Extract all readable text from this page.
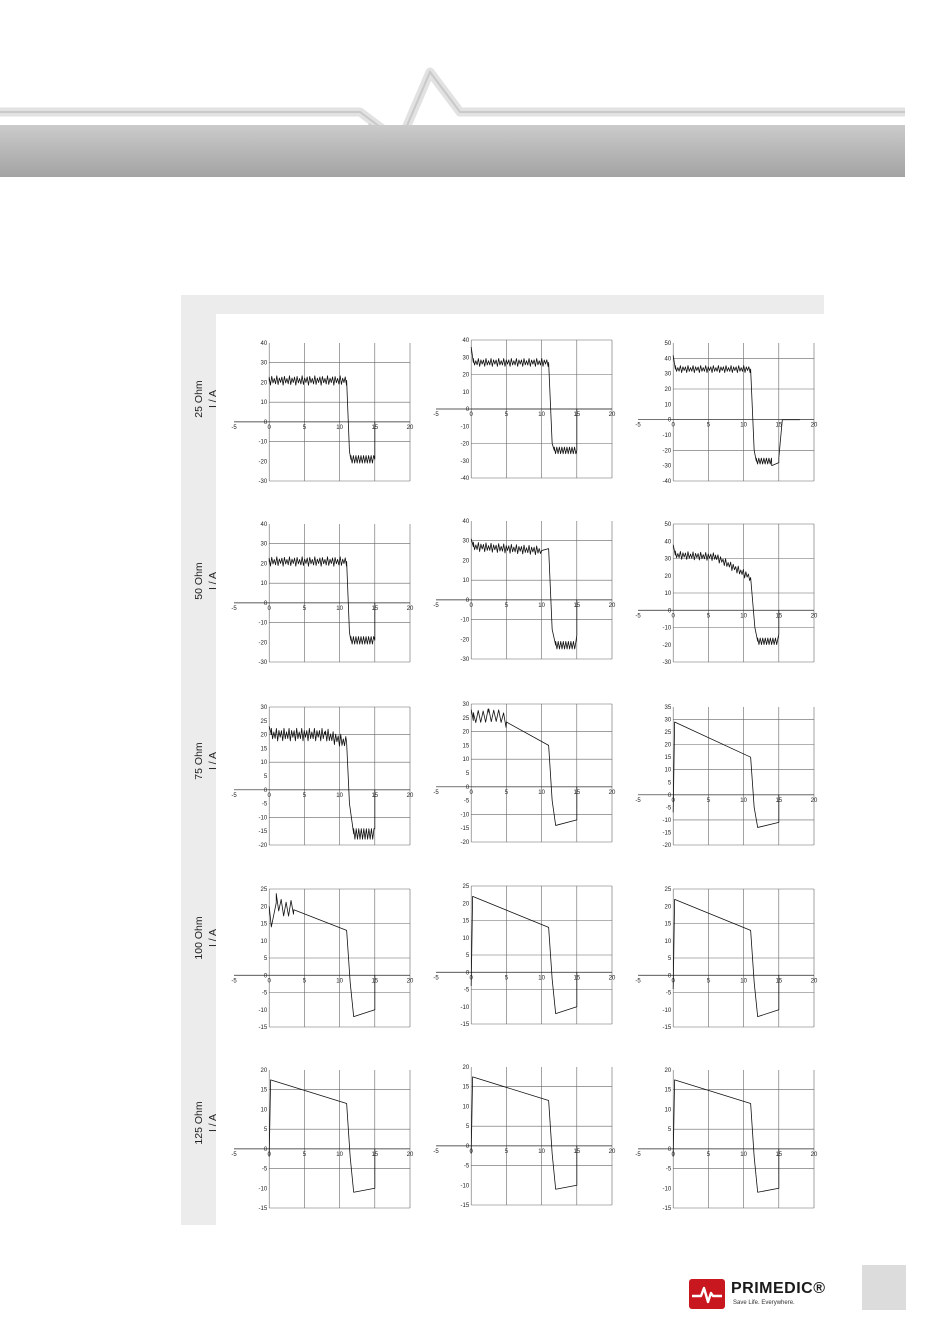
25 Ohm I / A
50 Ohm I / A
75 Ohm I / A
100 Ohm I / A
125 Ohm I / A
-30
-20
-10
0
10
20
30
40
-5	0	5	10	15	20
-40
-30
-20
-10
0
10
20
30
40
-5	0	5	10	15	20
-40
-30
-20
-10
0
10
20
30
40
50
-5	0	5	10	15	20
-30
-20
-10
0
10
20
30
40
-5	0	5	10	15	20
-30
-20
-10
0
10
20
30
40
-5	0	5	10	15	20
-30
-20
-10
0
10
20
30
40
50
-5	0	5	10	15	20
-20
-15
-10
-5
0
5
10
15
20
25
30
-5	0	5	10	15	20
-20
-15
-10
-5
0
5
10
15
20
25
30
-5	0	5	10	15	20
-20
-15
-10
-5
0
5
10
15
20
25
30
35
-5	0	5	10	15	20
-15
-10
-5
0
5
10
15
20
25
-5	0	5	10	15	20
-15
-10
-5
0
5
10
15
20
25
-5	0	5	10	15	20
-15
-10
-5
0
5
10
15
20
25
-5	0	5	10	15	20
-15
-10
-5
0
5
10
15
20
-5	0	5	10	15	20
-15
-10
-5
0
5
10
15
20
-5	0	5	10	15	20
-15
-10
-5
0
5
10
15
20
-5	0	5	10	15	20
PRIMEDIC®
Save Life. Everywhere.
